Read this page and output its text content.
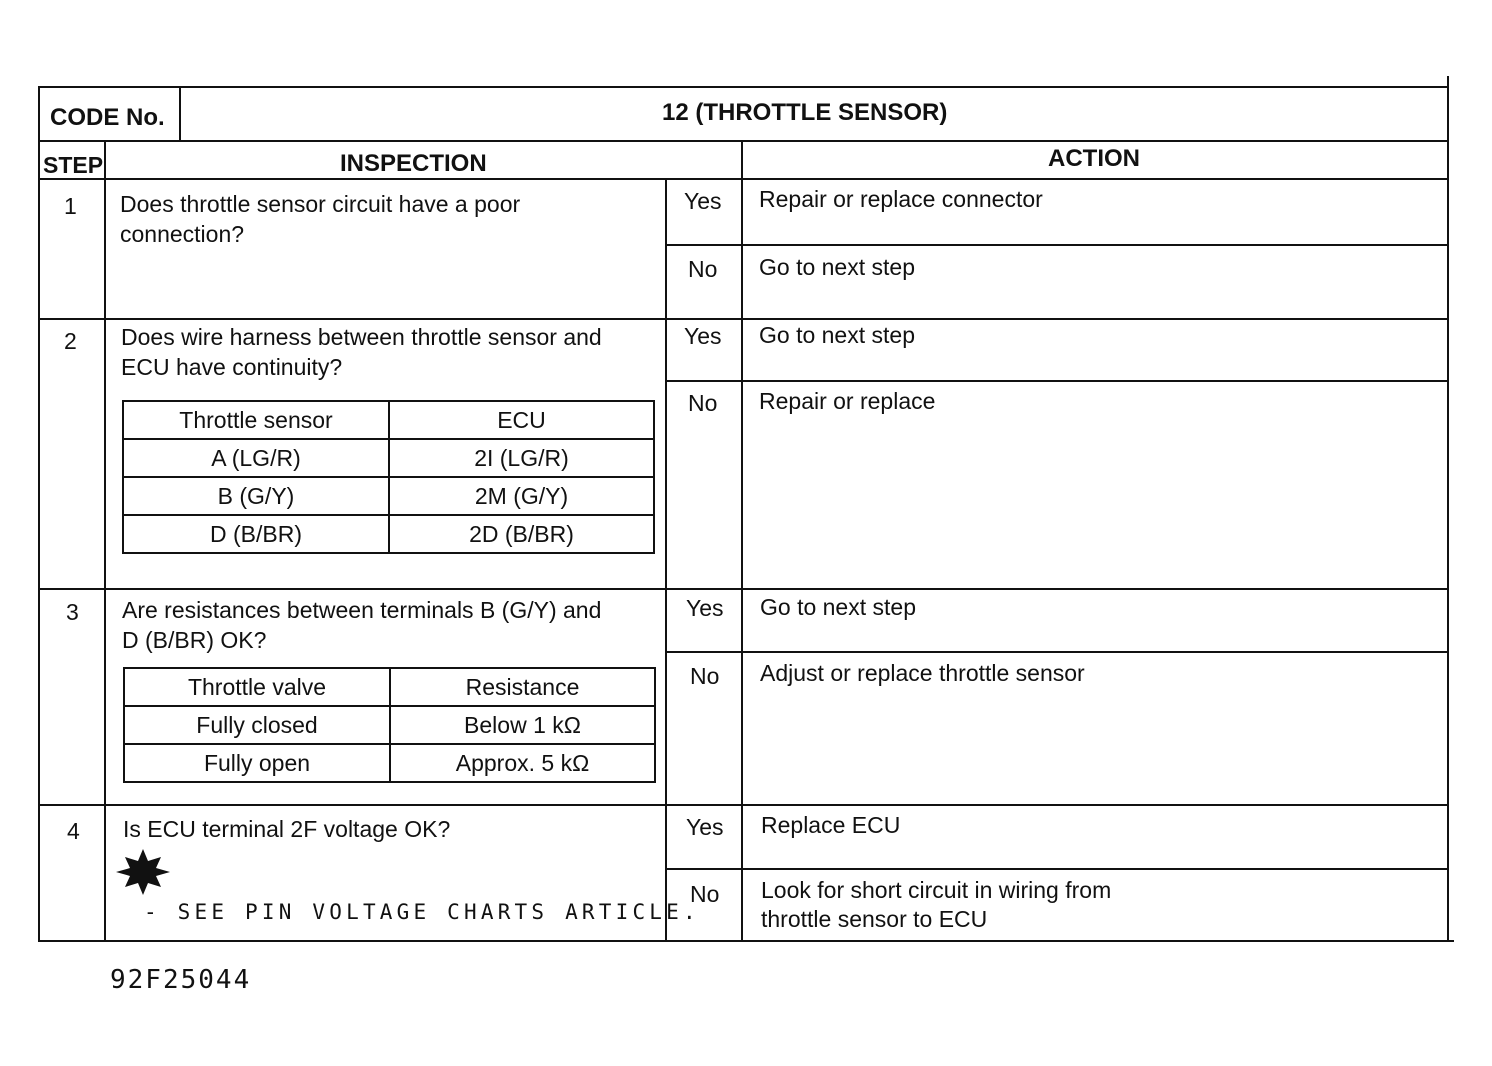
CODE No.	12 (THROTTLE SENSOR)
STEP	INSPECTION	ACTION
1 Does throttle sensor circuit have a poor
connection?
Yes Repair or replace connector
No Go to next step
2 Does wire harness between throttle sensor and
ECU have continuity?
Throttle sensor	ECU
A (LG/R)	2I (LG/R)
B (G/Y)	2M (G/Y)
D (B/BR)	2D (B/BR)
Yes Go to next step
No Repair or replace
3 Are resistances between terminals B (G/Y) and
D (B/BR) OK?
Throttle valve	Resistance
Fully closed	Below 1 kΩ
Fully open	Approx. 5 kΩ
Yes Go to next step
No Adjust or replace throttle sensor
4 Is ECU terminal 2F voltage OK?
- SEE PIN VOLTAGE CHARTS ARTICLE.
Yes Replace ECU
No Look for short circuit in wiring from
throttle sensor to ECU
92F25044
